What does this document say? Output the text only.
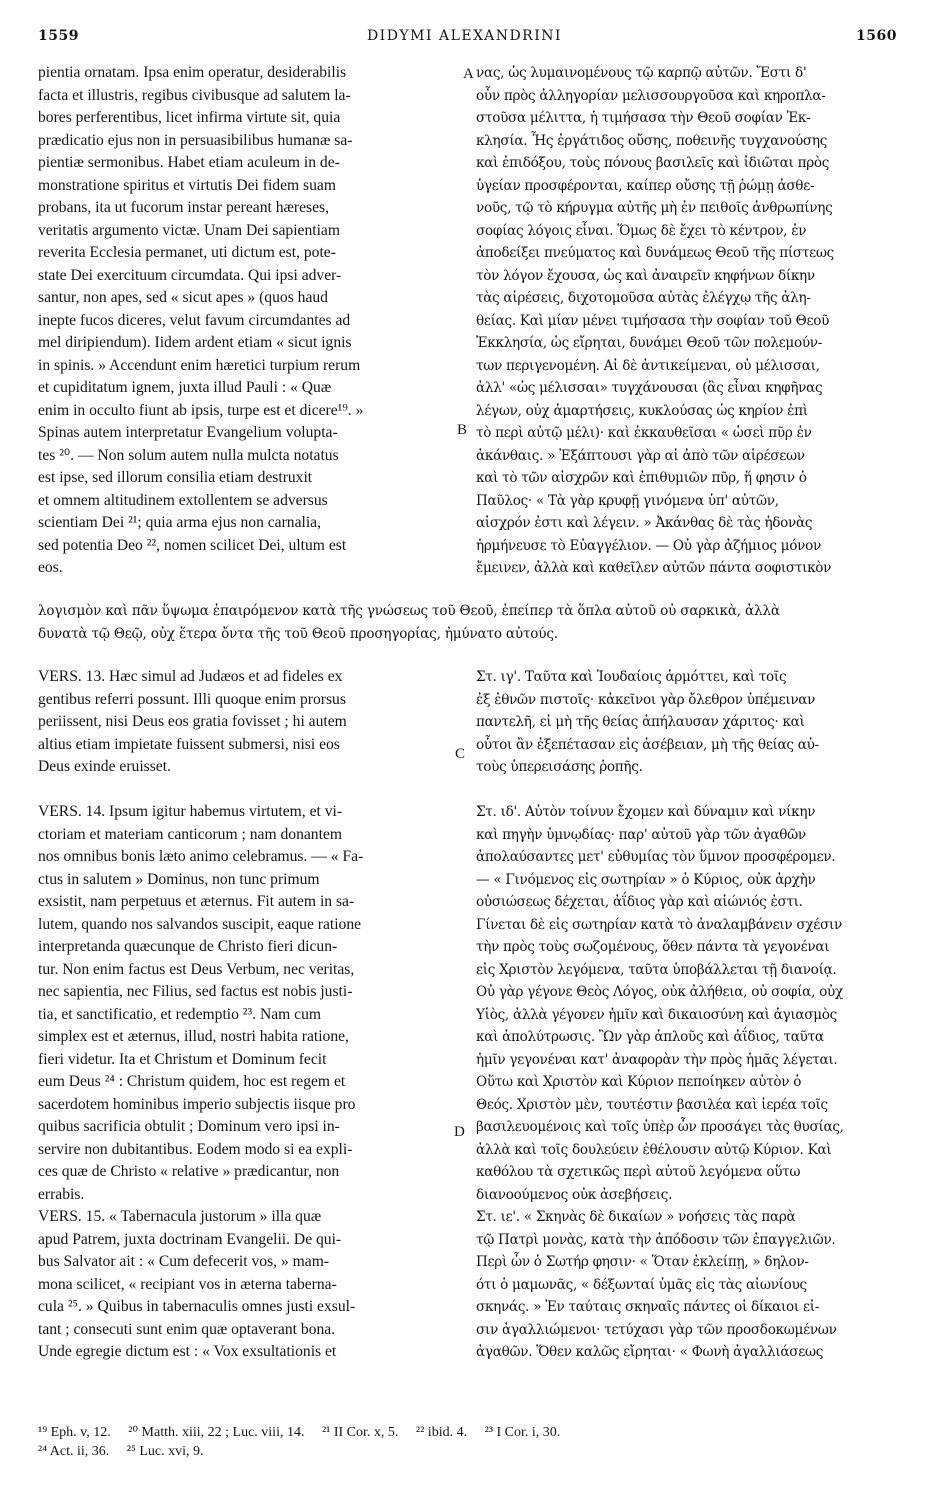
1559	DIDYMI ALEXANDRINI	1560
pientia ornatam. Ipsa enim operatur, desiderabilis
facta et illustris, regibus civibusque ad salutem la-
bores perferentibus, licet infirma virtute sit, quia
prædicatio ejus non in persuasibilibus humanæ sa-
pientiæ sermonibus. Habet etiam aculeum in de-
monstratione spiritus et virtutis Dei fidem suam
probans, ita ut fucorum instar pereant hæreses,
veritatis argumento victæ. Unam Dei sapientiam
reverita Ecclesia permanet, uti dictum est, pote-
state Dei exercituum circumdata. Qui ipsi adver-
santur, non apes, sed « sicut apes » (quos haud
inepte fucos diceres, velut favum circumdantes ad
mel diripiendum). Iidem ardent etiam « sicut ignis
in spinis. » Accendunt enim hæretici turpium rerum
et cupiditatum ignem, juxta illud Pauli : « Quæ
enim in occulto fiunt ab ipsis, turpe est et dicere¹⁹. »
Spinas autem interpretatur Evangelium volupta-
tes ²⁰. — Non solum autem nulla mulcta notatus
est ipse, sed illorum consilia etiam destruxit
et omnem altitudinem extollentem se adversus
scientiam Dei ²¹; quia arma ejus non carnalia,
sed potentia Deo ²², nomen scilicet Dei, ultum est
eos.
νας, ὡς λυμαινομένους τῷ καρπῷ αὐτῶν. Ἔστι δ'
οὖν πρὸς ἀλληγορίαν μελισσουργοῦσα καὶ κηροπλα-
στοῦσα μέλιττα, ἡ τιμήσασα τὴν Θεοῦ σοφίαν Ἐκ-
κλησία. Ἧς ἐργάτιδος οὔσης, ποθεινῆς τυγχανούσης
καὶ ἐπιδόξου, τοὺς πόνους βασιλεῖς καὶ ἰδιῶται πρὸς
ὑγείαν προσφέρονται, καίπερ οὔσης τῇ ῥώμῃ ἀσθε-
νοῦς, τῷ τὸ κήρυγμα αὐτῆς μὴ ἐν πειθοῖς ἀνθρωπίνης
σοφίας λόγοις εἶναι. Ὅμως δὲ ἔχει τὸ κέντρον, ἐν
ἀποδείξει πνεύματος καὶ δυνάμεως Θεοῦ τῆς πίστεως
τὸν λόγον ἔχουσα, ὡς καὶ ἀναιρεῖν κηφήνων δίκην
τὰς αἱρέσεις, διχοτομοῦσα αὐτὰς ἐλέγχῳ τῆς ἀλη-
θείας. Καὶ μίαν μένει τιμήσασα τὴν σοφίαν τοῦ Θεοῦ
Ἐκκλησία, ὡς εἴρηται, δυνάμει Θεοῦ τῶν πολεμούν-
των περιγενομένη. Αἱ δὲ ἀντικείμεναι, οὐ μέλισσαι,
ἀλλ' «ὡς μέλισσαι» τυγχάνουσαι (ἃς εἶναι κηφῆνας
λέγων, οὐχ ἁμαρτήσεις, κυκλούσας ὡς κηρίον ἐπὶ
τὸ περὶ αὐτῷ μέλι)· καὶ ἐκκαυθεῖσαι « ὡσεὶ πῦρ ἐν
ἀκάνθαις. » Ἐξάπτουσι γὰρ αἱ ἀπὸ τῶν αἱρέσεων
καὶ τὸ τῶν αἰσχρῶν καὶ ἐπιθυμιῶν πῦρ, ἥ φησιν ὁ
Παῦλος· « Τὰ γὰρ κρυφῇ γινόμενα ὑπ' αὐτῶν,
αἰσχρόν ἐστι καὶ λέγειν. » Ἀκάνθας δὲ τὰς ἡδονὰς
ἡρμήνευσε τὸ Εὐαγγέλιον. — Οὐ γὰρ ἀζήμιος μόνον
ἔμεινεν, ἀλλὰ καὶ καθεῖλεν αὐτῶν πάντα σοφιστικὸν
A
B
λογισμὸν καὶ πᾶν ὕψωμα ἐπαιρόμενον κατὰ τῆς γνώσεως τοῦ Θεοῦ, ἐπείπερ τὰ ὅπλα αὐτοῦ οὐ σαρκικὰ, ἀλλὰ
δυνατὰ τῷ Θεῷ, οὐχ ἕτερα ὄντα τῆς τοῦ Θεοῦ προσηγορίας, ἠμύνατο αὐτούς.
VERS. 13. Hæc simul ad Judæos et ad fideles ex
gentibus referri possunt. Illi quoque enim prorsus
periissent, nisi Deus eos gratia fovisset ; hi autem
altius etiam impietate fuissent submersi, nisi eos
Deus exinde eruisset.

VERS. 14. Ipsum igitur habemus virtutem, et vi-
ctoriam et materiam canticorum ; nam donantem
nos omnibus bonis læto animo celebramus. — « Fa-
ctus in salutem » Dominus, non tunc primum
exsistit, nam perpetuus et æternus. Fit autem in sa-
lutem, quando nos salvandos suscipit, eaque ratione
interpretanda quæcunque de Christo fieri dicun-
tur. Non enim factus est Deus Verbum, nec veritas,
nec sapientia, nec Filius, sed factus est nobis justi-
tia, et sanctificatio, et redemptio ²³. Nam cum
simplex est et æternus, illud, nostri habita ratione,
fieri videtur. Ita et Christum et Dominum fecit
eum Deus ²⁴ : Christum quidem, hoc est regem et
sacerdotem hominibus imperio subjectis iisque pro
quibus sacrificia obtulit ; Dominum vero ipsi in-
servire non dubitantibus. Eodem modo si ea expli-
ces quæ de Christo « relative » prædicantur, non
errabis.
VERS. 15. « Tabernacula justorum » illa quæ
apud Patrem, juxta doctrinam Evangelii. De qui-
bus Salvator ait : « Cum defecerit vos, » mam-
mona scilicet, « recipiant vos in æterna taberna-
cula ²⁵. » Quibus in tabernaculis omnes justi exsul-
tant ; consecuti sunt enim quæ optaverant bona.
Unde egregie dictum est : « Vox exsultationis et
Στ. ιγ'. Ταῦτα καὶ Ἰουδαίοις ἁρμόττει, καὶ τοῖς
ἐξ ἐθνῶν πιστοῖς· κἀκεῖνοι γὰρ ὄλεθρον ὑπέμειναν
παντελῆ, εἰ μὴ τῆς θείας ἀπήλαυσαν χάριτος· καὶ
οὗτοι ἂν ἐξεπέτασαν εἰς ἀσέβειαν, μὴ τῆς θείας αὐ-
τοὺς ὑπερεισάσης ῥοπῆς.

Στ. ιδ'. Αὐτὸν τοίνυν ἔχομεν καὶ δύναμιν καὶ νίκην
καὶ πηγὴν ὑμνῳδίας· παρ' αὐτοῦ γὰρ τῶν ἀγαθῶν
ἀπολαύσαντες μετ' εὐθυμίας τὸν ὕμνον προσφέρομεν.
— « Γινόμενος εἰς σωτηρίαν » ὁ Κύριος, οὐκ ἀρχὴν
οὐσιώσεως δέχεται, ἀΐδιος γὰρ καὶ αἰώνιός ἐστι.
Γίνεται δὲ εἰς σωτηρίαν κατὰ τὸ ἀναλαμβάνειν σχέσιν
τὴν πρὸς τοὺς σωζομένους, ὅθεν πάντα τὰ γεγονέναι
εἰς Χριστὸν λεγόμενα, ταῦτα ὑποβάλλεται τῇ διανοίᾳ.
Οὐ γὰρ γέγονε Θεὸς Λόγος, οὐκ ἀλήθεια, οὐ σοφία, οὐχ
Υἱὸς, ἀλλὰ γέγονεν ἡμῖν καὶ δικαιοσύνη καὶ ἁγιασμὸς
καὶ ἀπολύτρωσις. Ὢν γὰρ ἁπλοῦς καὶ ἀΐδιος, ταῦτα
ἡμῖν γεγονέναι κατ' ἀναφορὰν τὴν πρὸς ἡμᾶς λέγεται.
Οὕτω καὶ Χριστὸν καὶ Κύριον πεποίηκεν αὐτὸν ὁ
Θεός. Χριστὸν μὲν, τουτέστιν βασιλέα καὶ ἱερέα τοῖς
βασιλευομένοις καὶ τοῖς ὑπὲρ ὧν προσάγει τὰς θυσίας,
ἀλλὰ καὶ τοῖς δουλεύειν ἐθέλουσιν αὐτῷ Κύριον. Καὶ
καθόλου τὰ σχετικῶς περὶ αὐτοῦ λεγόμενα οὕτω
διανοούμενος οὐκ ἀσεβήσεις.
Στ. ιε'. « Σκηνὰς δὲ δικαίων » νοήσεις τὰς παρὰ
τῷ Πατρὶ μονὰς, κατὰ τὴν ἀπόδοσιν τῶν ἐπαγγελιῶν.
Περὶ ὧν ὁ Σωτήρ φησιν· « Ὅταν ἐκλείπῃ, » δηλον-
ότι ὁ μαμωνᾶς, « δέξωνταί ὑμᾶς εἰς τὰς αἰωνίους
σκηνάς. » Ἐν ταύταις σκηναῖς πάντες οἱ δίκαιοι εἰ-
σιν ἀγαλλιώμενοι· τετύχασι γὰρ τῶν προσδοκωμένων
ἀγαθῶν. Ὅθεν καλῶς εἴρηται· « Φωνὴ ἀγαλλιάσεως
C
D
¹⁹ Eph. v, 12.     ²⁰ Matth. xiii, 22 ; Luc. viii, 14.     ²¹ II Cor. x, 5.     ²² ibid. 4.     ²³ I Cor. i, 30.
²⁴ Act. ii, 36.     ²⁵ Luc. xvi, 9.
